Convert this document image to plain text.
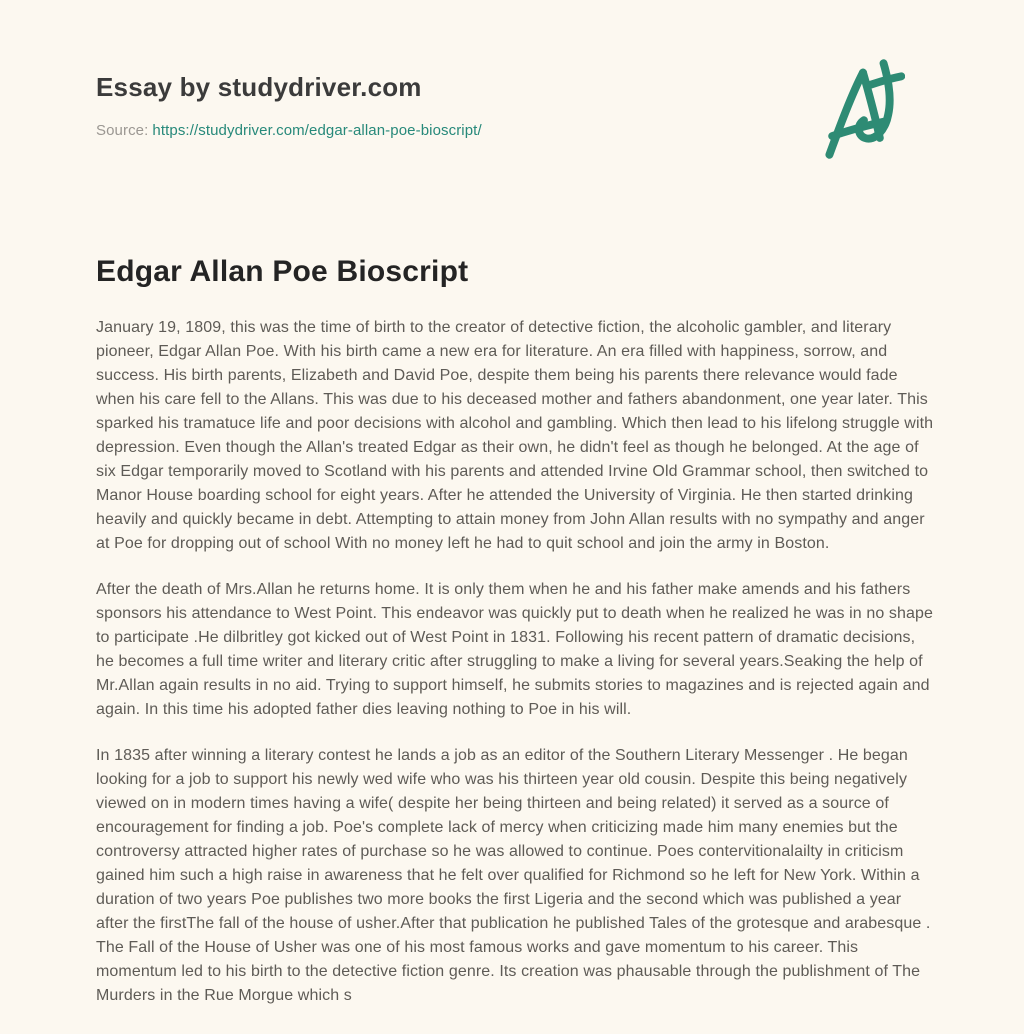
Essay by studydriver.com
Source: https://studydriver.com/edgar-allan-poe-bioscript/
Edgar Allan Poe Bioscript

January 19, 1809, this was the time of birth to the creator of detective fiction, the alcoholic gambler, and literary pioneer, Edgar Allan Poe. With his birth came a new era for literature. An era filled with happiness, sorrow, and success. His birth parents, Elizabeth and David Poe, despite them being his parents there relevance would fade when his care fell to the Allans. This was due to his deceased mother and fathers abandonment, one year later. This sparked his tramatuce life and poor decisions with alcohol and gambling. Which then lead to his lifelong struggle with depression. Even though the Allan's treated Edgar as their own, he didn't feel as though he belonged. At the age of six Edgar temporarily moved to Scotland with his parents and attended Irvine Old Grammar school, then switched to Manor House boarding school for eight years. After he attended the University of Virginia. He then started drinking heavily and quickly became in debt. Attempting to attain money from John Allan results with no sympathy and anger at Poe for dropping out of school With no money left he had to quit school and join the army in Boston.

After the death of Mrs.Allan he returns home. It is only them when he and his father make amends and his fathers sponsors his attendance to West Point. This endeavor was quickly put to death when he realized he was in no shape to participate .He dilbritley got kicked out of West Point in 1831. Following his recent pattern of dramatic decisions, he becomes a full time writer and literary critic after struggling to make a living for several years.Seaking the help of Mr.Allan again results in no aid. Trying to support himself, he submits stories to magazines and is rejected again and again. In this time his adopted father dies leaving nothing to Poe in his will.

In 1835 after winning a literary contest he lands a job as an editor of the Southern Literary Messenger . He began looking for a job to support his newly wed wife who was his thirteen year old cousin. Despite this being negatively viewed on in modern times having a wife( despite her being thirteen and being related) it served as a source of encouragement for finding a job. Poe's complete lack of mercy when criticizing made him many enemies but the controversy attracted higher rates of purchase so he was allowed to continue. Poes contervitionalailty in criticism gained him such a high raise in awareness that he felt over qualified for Richmond so he left for New York. Within a duration of two years Poe publishes two more books the first Ligeria and the second which was published a year after the firstThe fall of the house of usher.After that publication he published Tales of the grotesque and arabesque . The Fall of the House of Usher was one of his most famous works and gave momentum to his career. This momentum led to his birth to the detective fiction genre. Its creation was phausable through the publishment of The Murders in the Rue Morgue which s
